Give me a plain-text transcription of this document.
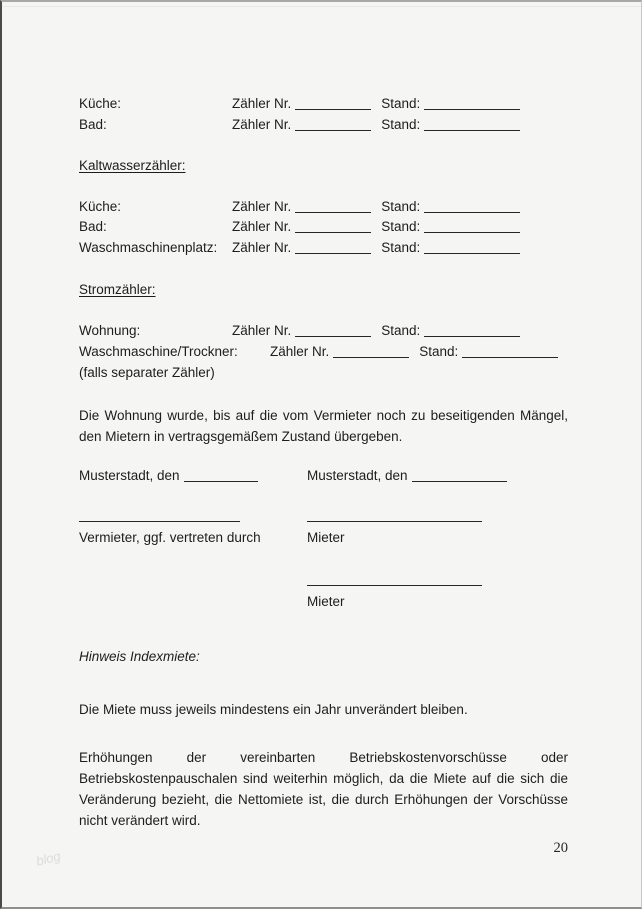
Küche:	Zähler Nr.	Stand:
Bad:	Zähler Nr.	Stand:
Kaltwasserzähler:
Küche:	Zähler Nr.	Stand:
Bad:	Zähler Nr.	Stand:
Waschmaschinenplatz:	Zähler Nr.	Stand:
Stromzähler:
Wohnung:	Zähler Nr.	Stand:
Waschmaschine/Trockner:	Zähler Nr.	Stand:
(falls separater Zähler)
Die Wohnung wurde, bis auf die vom Vermieter noch zu beseitigenden Mängel,
den Mietern in vertragsgemäßem Zustand übergeben.
Musterstadt, den	Musterstadt, den
Vermieter, ggf. vertreten durch	Mieter
Mieter
Hinweis Indexmiete:
Die Miete muss jeweils mindestens ein Jahr unverändert bleiben.
Erhöhungen der vereinbarten Betriebskostenvorschüsse oder
Betriebskostenpauschalen sind weiterhin möglich, da die Miete auf die sich die
Veränderung bezieht, die Nettomiete ist, die durch Erhöhungen der Vorschüsse
nicht verändert wird.
20
blog
